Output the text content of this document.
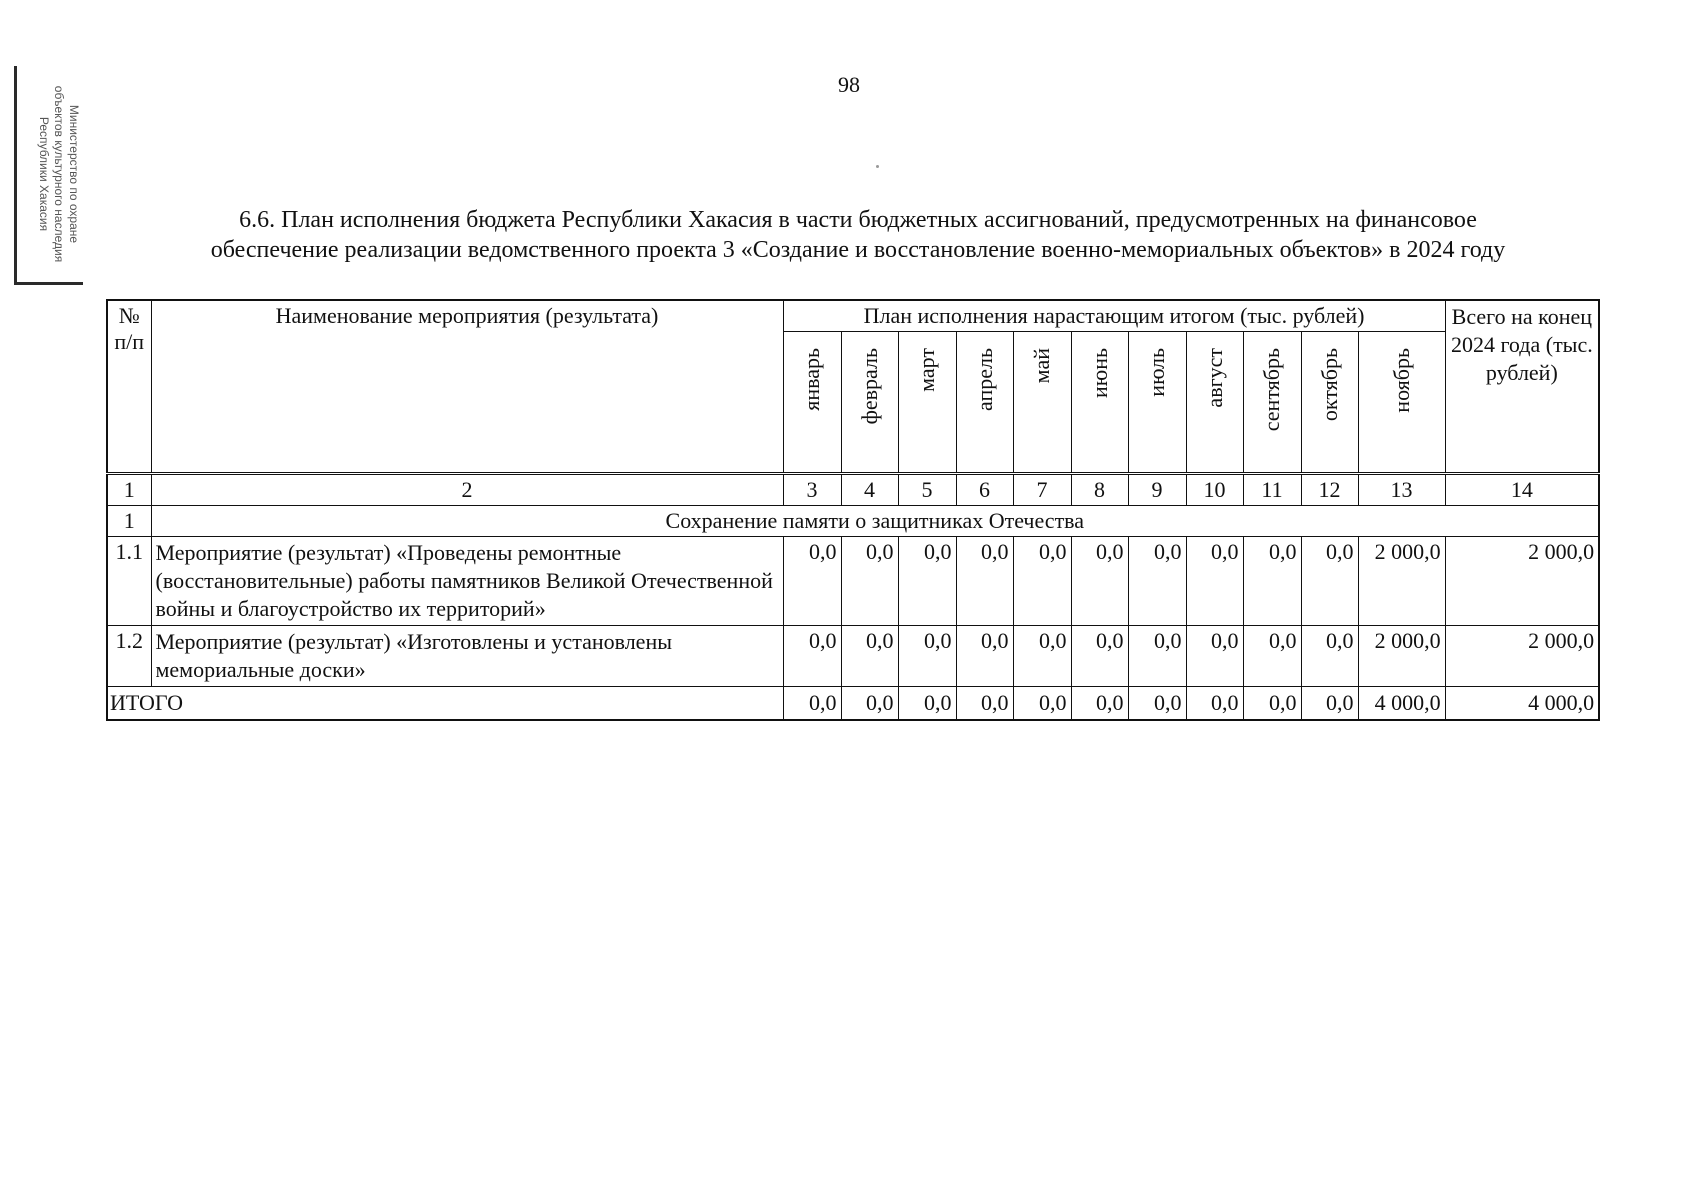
Министерство по охране
объектов культурного наследия
Республики Хакасия
98
6.6. План исполнения бюджета Республики Хакасия в части бюджетных ассигнований, предусмотренных на финансовое
обеспечение реализации ведомственного проекта 3 «Создание и восстановление военно-мемориальных объектов» в 2024 году
№ п/п	Наименование мероприятия (результата)	План исполнения нарастающим итогом (тыс. рублей)											Всего на конец 2024 года (тыс. рублей)
		январь	февраль	март	апрель	май	июнь	июль	август	сентябрь	октябрь	ноябрь	
1	2	3	4	5	6	7	8	9	10	11	12	13	14
1	Сохранение памяти о защитниках Отечества												
1.1	Мероприятие (результат) «Проведены ремонтные (восстановительные) работы памятников Великой Отечественной войны и благоустройство их территорий»	0,0	0,0	0,0	0,0	0,0	0,0	0,0	0,0	0,0	0,0	2 000,0	2 000,0
1.2	Мероприятие (результат) «Изготовлены и установлены мемориальные доски»	0,0	0,0	0,0	0,0	0,0	0,0	0,0	0,0	0,0	0,0	2 000,0	2 000,0
ИТОГО		0,0	0,0	0,0	0,0	0,0	0,0	0,0	0,0	0,0	0,0	4 000,0	4 000,0
